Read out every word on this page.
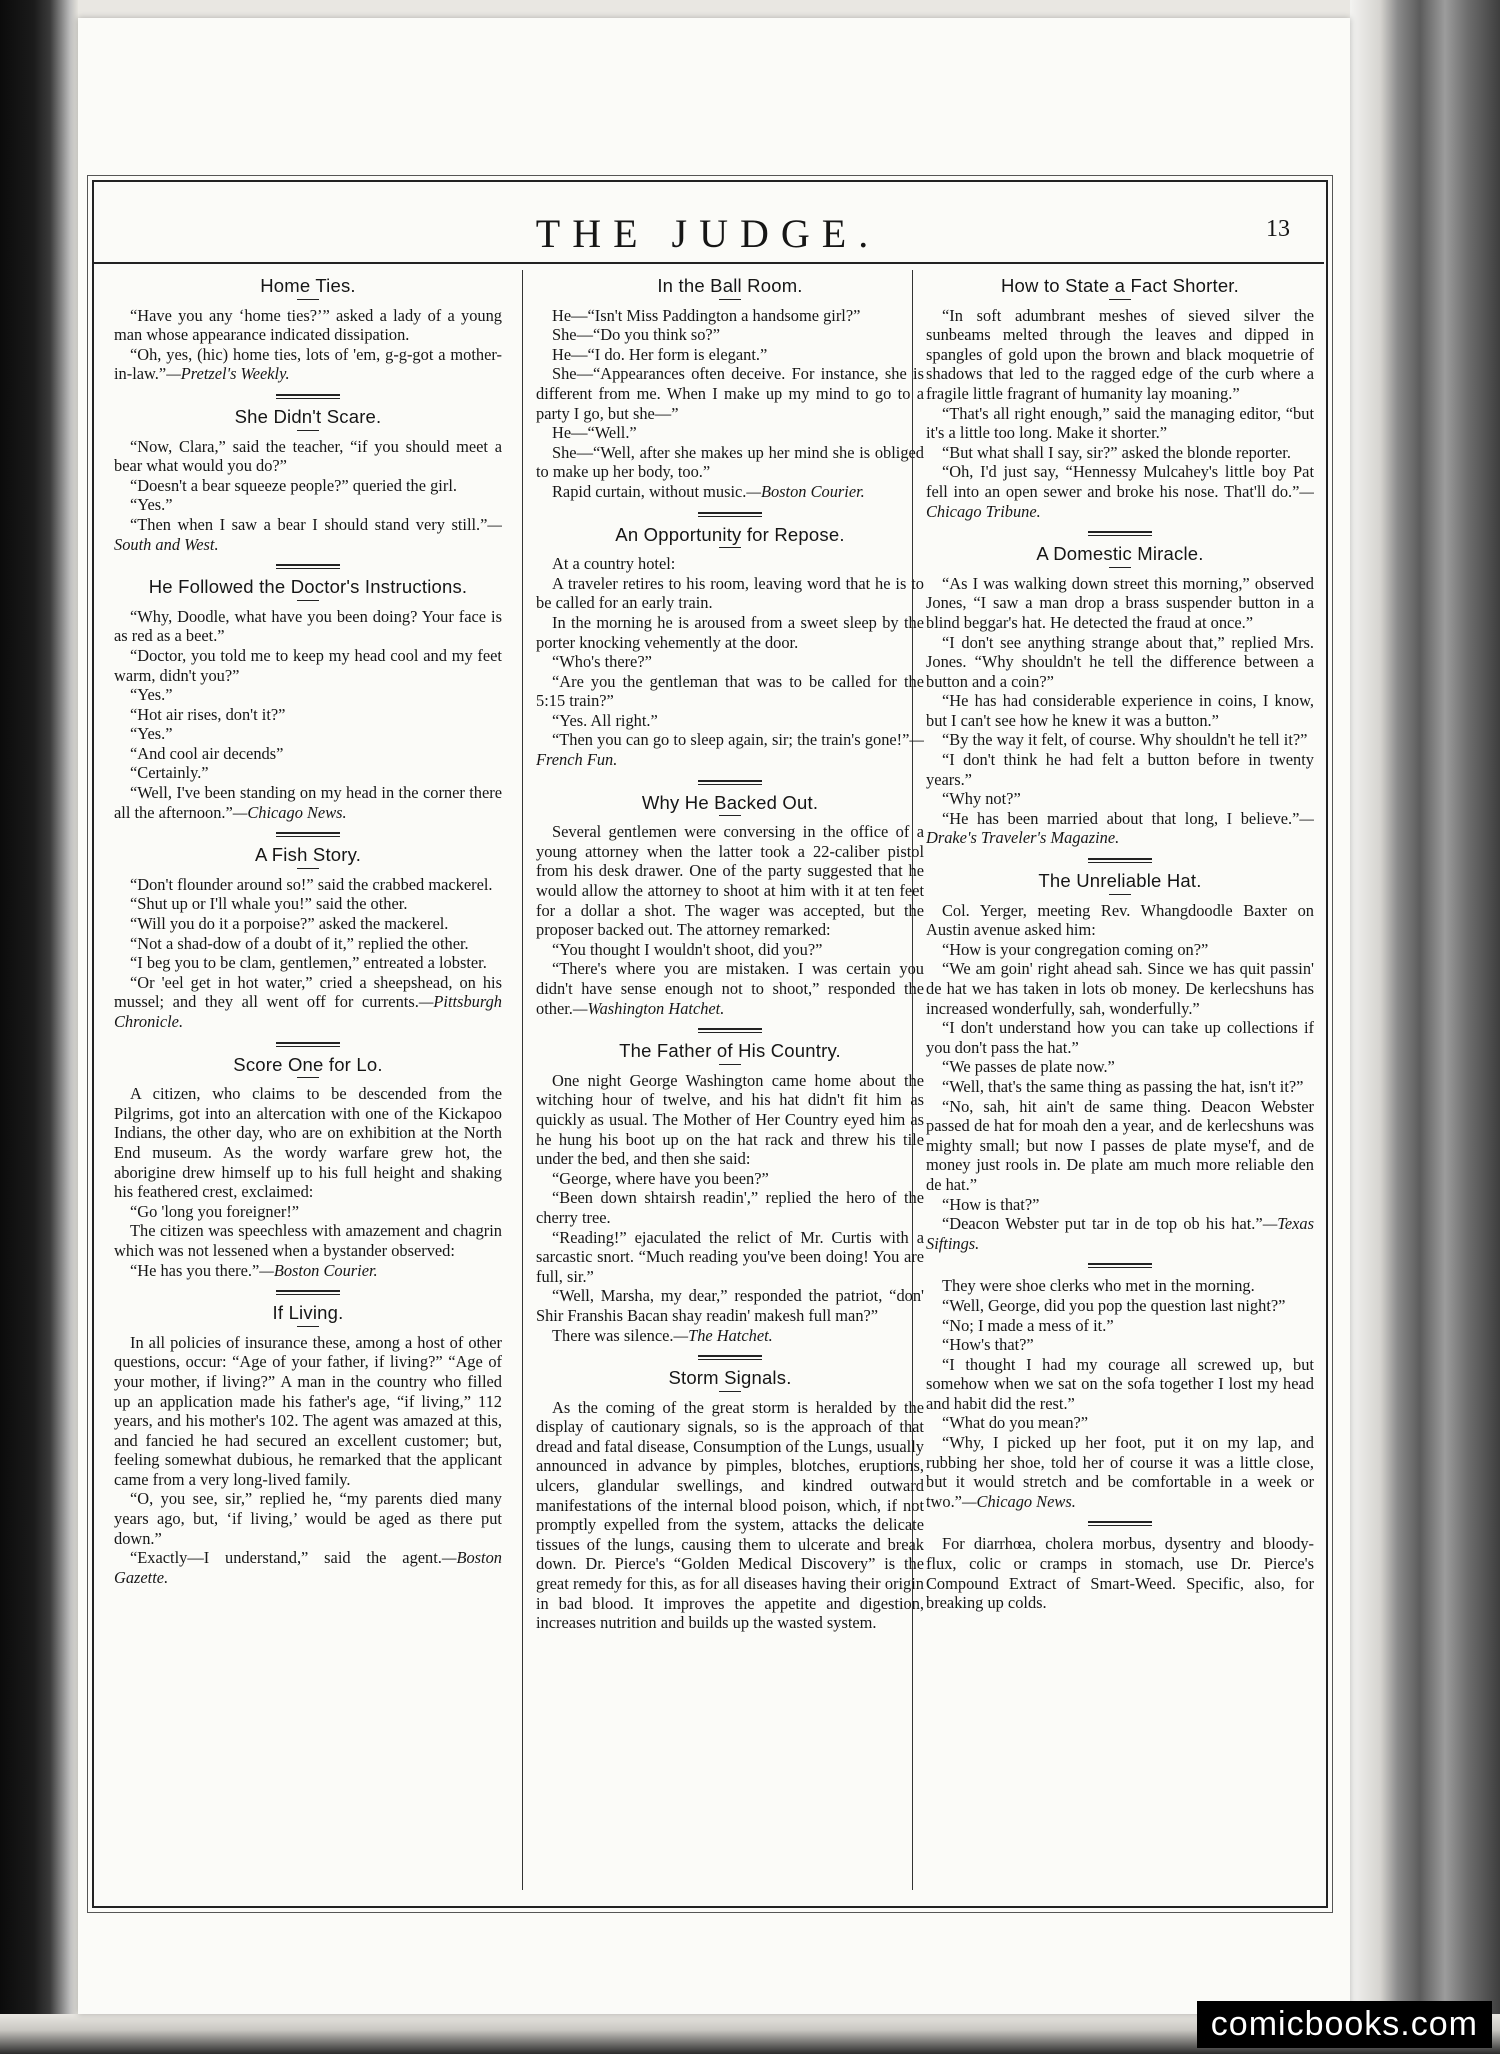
THE JUDGE.	13
Home Ties.

“Have you any ‘home ties?’” asked a lady of a young man whose appearance indicated dissipation.

“Oh, yes, (hic) home ties, lots of 'em, g-g-got a mother-in-law.”—Pretzel's Weekly.

She Didn't Scare.

“Now, Clara,” said the teacher, “if you should meet a bear what would you do?”

“Doesn't a bear squeeze people?” queried the girl.

“Yes.”

“Then when I saw a bear I should stand very still.”—South and West.

He Followed the Doctor's Instructions.

“Why, Doodle, what have you been doing? Your face is as red as a beet.”

“Doctor, you told me to keep my head cool and my feet warm, didn't you?”

“Yes.”

“Hot air rises, don't it?”

“Yes.”

“And cool air decends”

“Certainly.”

“Well, I've been standing on my head in the corner there all the afternoon.”—Chicago News.

A Fish Story.

“Don't flounder around so!” said the crabbed mackerel.

“Shut up or I'll whale you!” said the other.

“Will you do it a porpoise?” asked the mackerel.

“Not a shad-dow of a doubt of it,” replied the other.

“I beg you to be clam, gentlemen,” entreated a lobster.

“Or 'eel get in hot water,” cried a sheepshead, on his mussel; and they all went off for currents.—Pittsburgh Chronicle.

Score One for Lo.

A citizen, who claims to be descended from the Pilgrims, got into an altercation with one of the Kickapoo Indians, the other day, who are on exhibition at the North End museum. As the wordy warfare grew hot, the aborigine drew himself up to his full height and shaking his feathered crest, exclaimed:

“Go 'long you foreigner!”

The citizen was speechless with amazement and chagrin which was not lessened when a bystander observed:

“He has you there.”—Boston Courier.

If Living.

In all policies of insurance these, among a host of other questions, occur: “Age of your father, if living?” “Age of your mother, if living?” A man in the country who filled up an application made his father's age, “if living,” 112 years, and his mother's 102. The agent was amazed at this, and fancied he had secured an excellent customer; but, feeling somewhat dubious, he remarked that the applicant came from a very long-lived family.

“O, you see, sir,” replied he, “my parents died many years ago, but, ‘if living,’ would be aged as there put down.”

“Exactly—I understand,” said the agent.—Boston Gazette.

In the Ball Room.

He—“Isn't Miss Paddington a handsome girl?”

She—“Do you think so?”

He—“I do. Her form is elegant.”

She—“Appearances often deceive. For instance, she is different from me. When I make up my mind to go to a party I go, but she—”

He—“Well.”

She—“Well, after she makes up her mind she is obliged to make up her body, too.”

Rapid curtain, without music.—Boston Courier.

An Opportunity for Repose.

At a country hotel:

A traveler retires to his room, leaving word that he is to be called for an early train.

In the morning he is aroused from a sweet sleep by the porter knocking vehemently at the door.

“Who's there?”

“Are you the gentleman that was to be called for the 5:15 train?”

“Yes. All right.”

“Then you can go to sleep again, sir; the train's gone!”—French Fun.

Why He Backed Out.

Several gentlemen were conversing in the office of a young attorney when the latter took a 22-caliber pistol from his desk drawer. One of the party suggested that he would allow the attorney to shoot at him with it at ten feet for a dollar a shot. The wager was accepted, but the proposer backed out. The attorney remarked:

“You thought I wouldn't shoot, did you?”

“There's where you are mistaken. I was certain you didn't have sense enough not to shoot,” responded the other.—Washington Hatchet.

The Father of His Country.

One night George Washington came home about the witching hour of twelve, and his hat didn't fit him as quickly as usual. The Mother of Her Country eyed him as he hung his boot up on the hat rack and threw his tile under the bed, and then she said:

“George, where have you been?”

“Been down shtairsh readin',” replied the hero of the cherry tree.

“Reading!” ejaculated the relict of Mr. Curtis with a sarcastic snort. “Much reading you've been doing! You are full, sir.”

“Well, Marsha, my dear,” responded the patriot, “don' Shir Franshis Bacan shay readin' makesh full man?”

There was silence.—The Hatchet.

Storm Signals.

As the coming of the great storm is heralded by the display of cautionary signals, so is the approach of that dread and fatal disease, Consumption of the Lungs, usually announced in advance by pimples, blotches, eruptions, ulcers, glandular swellings, and kindred outward manifestations of the internal blood poison, which, if not promptly expelled from the system, attacks the delicate tissues of the lungs, causing them to ulcerate and break down. Dr. Pierce's “Golden Medical Discovery” is the great remedy for this, as for all diseases having their origin in bad blood. It improves the appetite and digestion, increases nutrition and builds up the wasted system.

How to State a Fact Shorter.

“In soft adumbrant meshes of sieved silver the sunbeams melted through the leaves and dipped in spangles of gold upon the brown and black moquetrie of shadows that led to the ragged edge of the curb where a fragile little fragrant of humanity lay moaning.”

“That's all right enough,” said the managing editor, “but it's a little too long. Make it shorter.”

“But what shall I say, sir?” asked the blonde reporter.

“Oh, I'd just say, “Hennessy Mulcahey's little boy Pat fell into an open sewer and broke his nose. That'll do.”—Chicago Tribune.

A Domestic Miracle.

“As I was walking down street this morning,” observed Jones, “I saw a man drop a brass suspender button in a blind beggar's hat. He detected the fraud at once.”

“I don't see anything strange about that,” replied Mrs. Jones. “Why shouldn't he tell the difference between a button and a coin?”

“He has had considerable experience in coins, I know, but I can't see how he knew it was a button.”

“By the way it felt, of course. Why shouldn't he tell it?”

“I don't think he had felt a button before in twenty years.”

“Why not?”

“He has been married about that long, I believe.”—Drake's Traveler's Magazine.

The Unreliable Hat.

Col. Yerger, meeting Rev. Whangdoodle Baxter on Austin avenue asked him:

“How is your congregation coming on?”

“We am goin' right ahead sah. Since we has quit passin' de hat we has taken in lots ob money. De kerlecshuns has increased wonderfully, sah, wonderfully.”

“I don't understand how you can take up collections if you don't pass the hat.”

“We passes de plate now.”

“Well, that's the same thing as passing the hat, isn't it?”

“No, sah, hit ain't de same thing. Deacon Webster passed de hat for moah den a year, and de kerlecshuns was mighty small; but now I passes de plate myse'f, and de money just rools in. De plate am much more reliable den de hat.”

“How is that?”

“Deacon Webster put tar in de top ob his hat.”—Texas Siftings.

They were shoe clerks who met in the morning.

“Well, George, did you pop the question last night?”

“No; I made a mess of it.”

“How's that?”

“I thought I had my courage all screwed up, but somehow when we sat on the sofa together I lost my head and habit did the rest.”

“What do you mean?”

“Why, I picked up her foot, put it on my lap, and rubbing her shoe, told her of course it was a little close, but it would stretch and be comfortable in a week or two.”—Chicago News.

For diarrhœa, cholera morbus, dysentry and bloody-flux, colic or cramps in stomach, use Dr. Pierce's Compound Extract of Smart-Weed. Specific, also, for breaking up colds.

comicbooks.com
